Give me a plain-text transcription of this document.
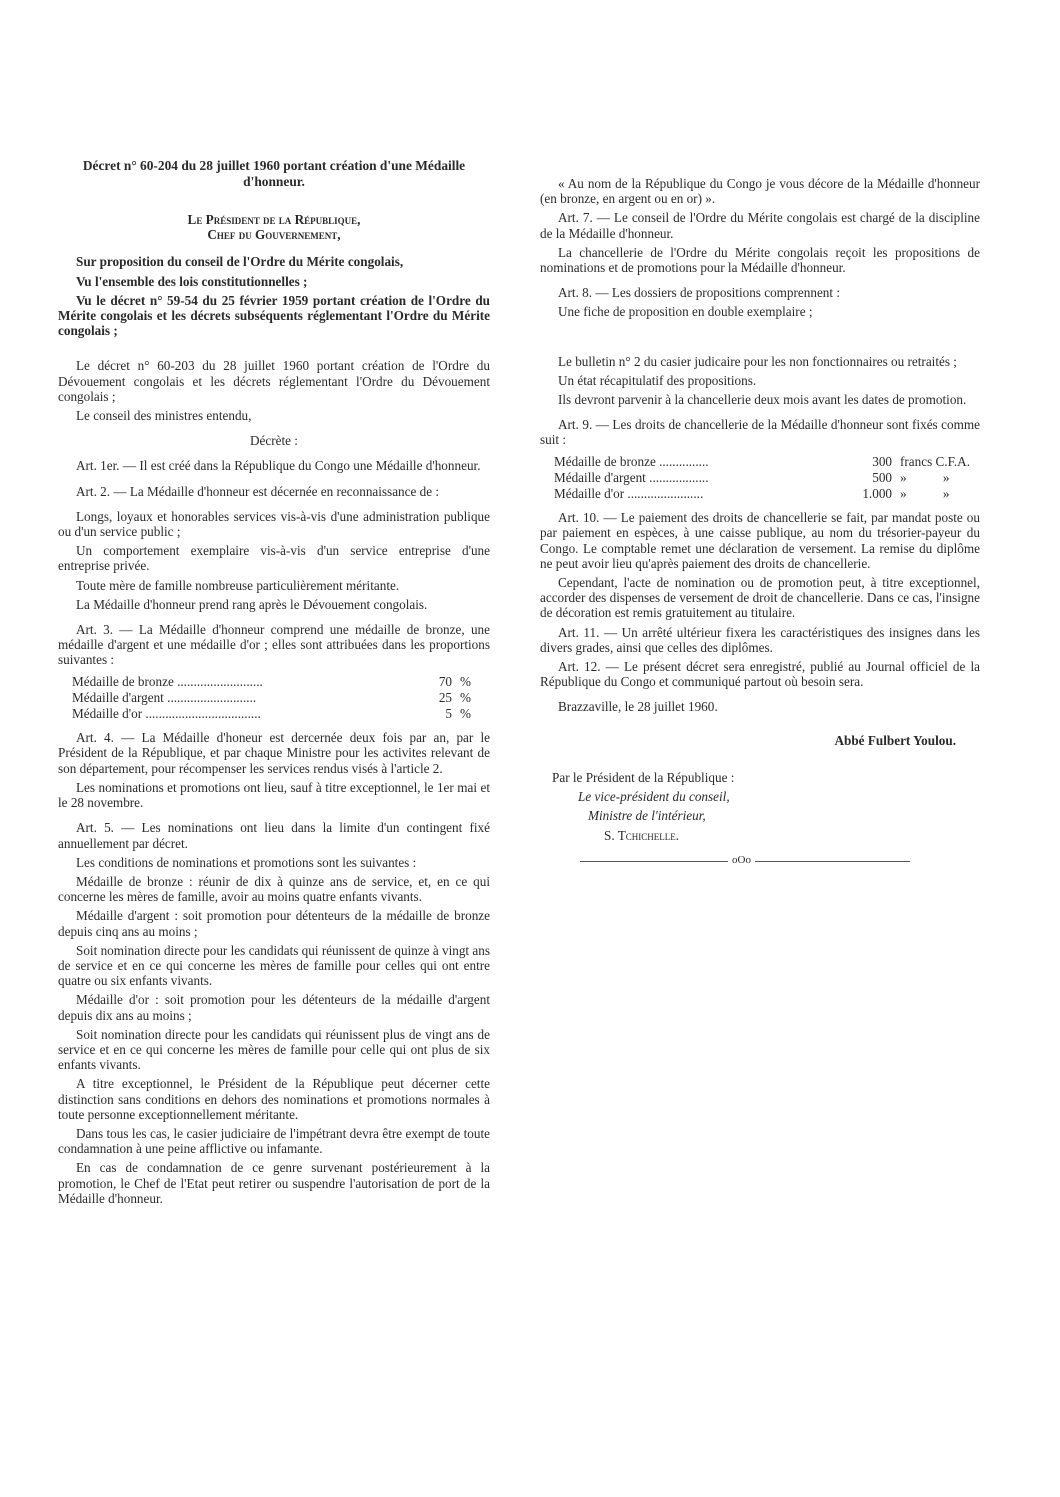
Décret n° 60-204 du 28 juillet 1960 portant création d'une Médaille d'honneur.
Le Président de la République,
Chef du Gouvernement,

Sur proposition du conseil de l'Ordre du Mérite congolais,

Vu l'ensemble des lois constitutionnelles ;

Vu le décret n° 59-54 du 25 février 1959 portant création de l'Ordre du Mérite congolais et les décrets subséquents réglementant l'Ordre du Mérite congolais ;

Le décret n° 60-203 du 28 juillet 1960 portant création de l'Ordre du Dévouement congolais et les décrets réglementant l'Ordre du Dévouement congolais ;

Le conseil des ministres entendu,

Décrète :

Art. 1er. — Il est créé dans la République du Congo une Médaille d'honneur.

Art. 2. — La Médaille d'honneur est décernée en reconnaissance de :

Longs, loyaux et honorables services vis-à-vis d'une administration publique ou d'un service public ;

Un comportement exemplaire vis-à-vis d'un service entreprise d'une entreprise privée.

Toute mère de famille nombreuse particulièrement méritante.

La Médaille d'honneur prend rang après le Dévouement congolais.

Art. 3. — La Médaille d'honneur comprend une médaille de bronze, une médaille d'argent et une médaille d'or ; elles sont attribuées dans les proportions suivantes :

Médaille de bronze ..........................	70	%
Médaille d'argent ...........................	25	%
Médaille d'or ...................................	5	%

Art. 4. — La Médaille d'honeur est dercernée deux fois par an, par le Président de la République, et par chaque Ministre pour les activites relevant de son département, pour récompenser les services rendus visés à l'article 2.

Les nominations et promotions ont lieu, sauf à titre exceptionnel, le 1er mai et le 28 novembre.

Art. 5. — Les nominations ont lieu dans la limite d'un contingent fixé annuellement par décret.

Les conditions de nominations et promotions sont les suivantes :

Médaille de bronze : réunir de dix à quinze ans de service, et, en ce qui concerne les mères de famille, avoir au moins quatre enfants vivants.

Médaille d'argent : soit promotion pour détenteurs de la médaille de bronze depuis cinq ans au moins ;

Soit nomination directe pour les candidats qui réunissent de quinze à vingt ans de service et en ce qui concerne les mères de famille pour celles qui ont entre quatre ou six enfants vivants.

Médaille d'or : soit promotion pour les détenteurs de la médaille d'argent depuis dix ans au moins ;

Soit nomination directe pour les candidats qui réunissent plus de vingt ans de service et en ce qui concerne les mères de famille pour celle qui ont plus de six enfants vivants.

A titre exceptionnel, le Président de la République peut décerner cette distinction sans conditions en dehors des nominations et promotions normales à toute personne exceptionnellement méritante.

Dans tous les cas, le casier judiciaire de l'impétrant devra être exempt de toute condamnation à une peine afflictive ou infamante.

En cas de condamnation de ce genre survenant postérieurement à la promotion, le Chef de l'Etat peut retirer ou suspendre l'autorisation de port de la Médaille d'honneur.

« Au nom de la République du Congo je vous décore de la Médaille d'honneur (en bronze, en argent ou en or) ».

Art. 7. — Le conseil de l'Ordre du Mérite congolais est chargé de la discipline de la Médaille d'honneur.

La chancellerie de l'Ordre du Mérite congolais reçoit les propositions de nominations et de promotions pour la Médaille d'honneur.

Art. 8. — Les dossiers de propositions comprennent :

Une fiche de proposition en double exemplaire ;

Le bulletin n° 2 du casier judicaire pour les non fonctionnaires ou retraités ;

Un état récapitulatif des propositions.

Ils devront parvenir à la chancellerie deux mois avant les dates de promotion.

Art. 9. — Les droits de chancellerie de la Médaille d'honneur sont fixés comme suit :

Médaille de bronze ...............	300	francs C.F.A.
Médaille d'argent ..................	500	»           »
Médaille d'or .......................	1.000	»           »

Art. 10. — Le paiement des droits de chancellerie se fait, par mandat poste ou par paiement en espèces, à une caisse publique, au nom du trésorier-payeur du Congo. Le comptable remet une déclaration de versement. La remise du diplôme ne peut avoir lieu qu'après paiement des droits de chancellerie.

Cependant, l'acte de nomination ou de promotion peut, à titre exceptionnel, accorder des dispenses de versement de droit de chancellerie. Dans ce cas, l'insigne de décoration est remis gratuitement au titulaire.

Art. 11. — Un arrêté ultérieur fixera les caractéristiques des insignes dans les divers grades, ainsi que celles des diplômes.

Art. 12. — Le présent décret sera enregistré, publié au Journal officiel de la République du Congo et communiqué partout où besoin sera.

Brazzaville, le 28 juillet 1960.

Abbé Fulbert Youlou.

Par le Président de la République :

Le vice-président du conseil,

Ministre de l'intérieur,

S. Tchichelle.

oOo
